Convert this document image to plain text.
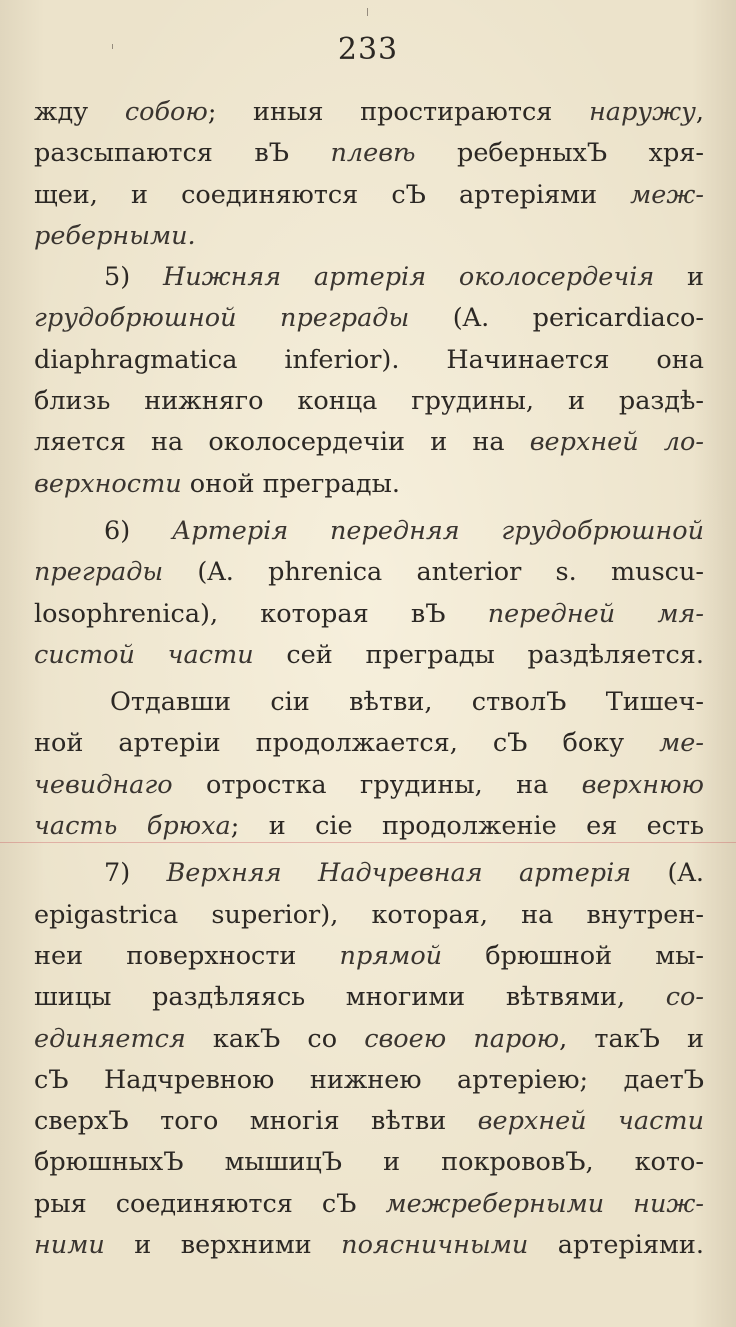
233
жду собою; иныя простираются наружу,
разсыпаются вЪ плевѣ реберныхЪ хря-
щеи, и соединяются сЪ артеріями меж-
реберными.
5) Нижняя артерія околосердечія и
грудобрюшной преграды (A. pericardiaco-
diaphragmatica inferior). Начинается она
близь нижняго конца грудины, и раздѣ-
ляется на околосердечіи и на верхней ло-
верхности оной преграды.
6) Артерія передняя грудобрюшной
преграды (A. phrenica anterior s. muscu-
losophrenica), которая вЪ передней мя-
систой части сей преграды раздѣляется.
Отдавши сіи вѣтви, стволЪ Тишеч-
ной артеріи продолжается, сЪ боку ме-
чевиднаго отростка грудины, на верхнюю
часть брюха; и сіе продолженіе ея есть
7) Верхняя Надчревная артерія (A.
epigastrica superior), которая, на внутрен-
неи поверхности прямой брюшной мы-
шицы раздѣляясь многими вѣтвями, со-
единяется какЪ со своею парою, такЪ и
сЪ Надчревною нижнею артеріею; даетЪ
сверхЪ того многія вѣтви верхней части
брюшныхЪ мышицЪ и покрововЪ, кото-
рыя соединяются сЪ межреберными ниж-
ними и верхними поясничными артеріями.
